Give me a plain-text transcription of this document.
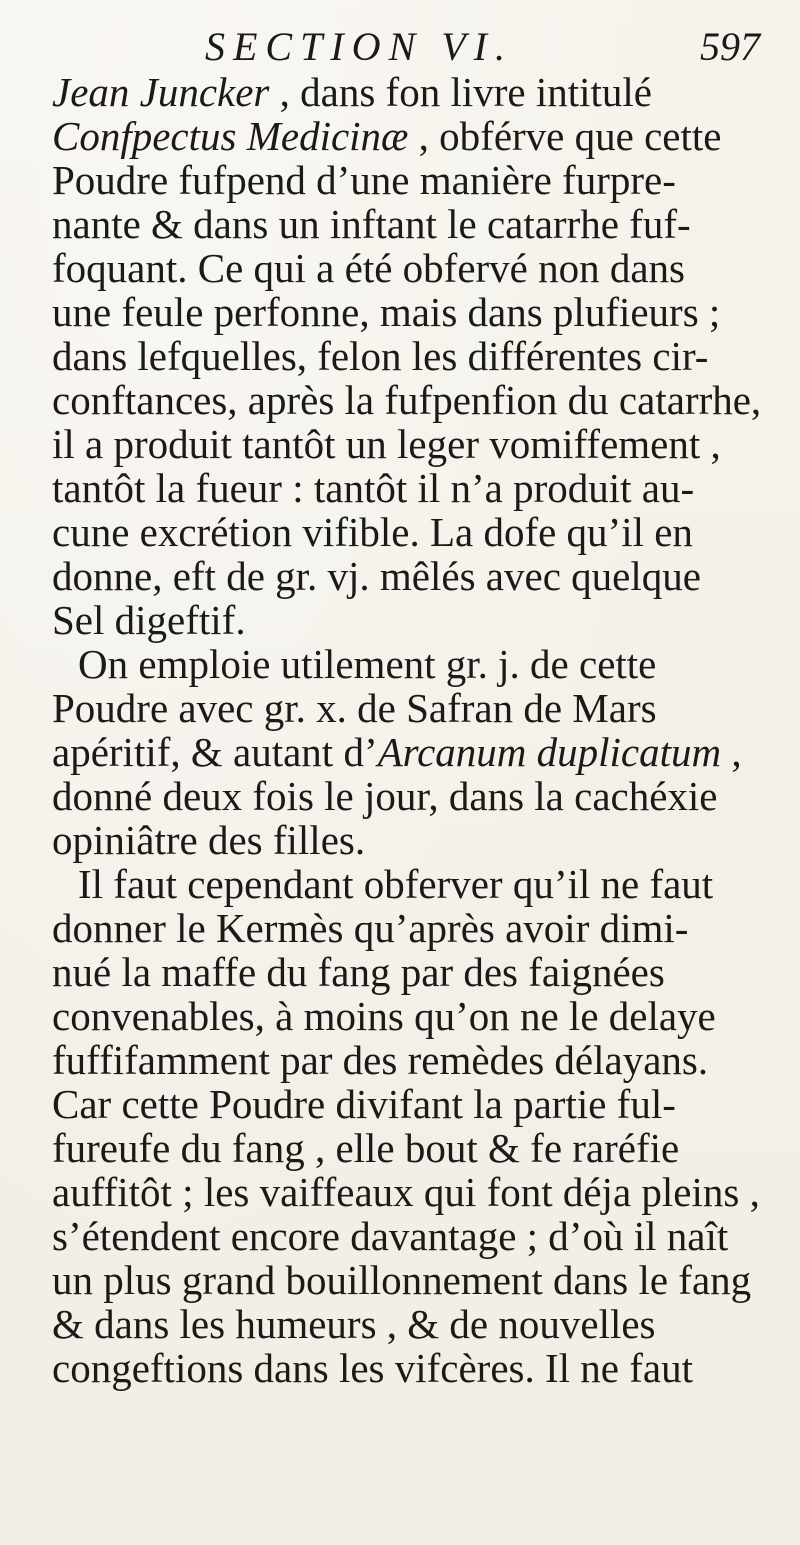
SECTION VI.	597
Jean Juncker , dans fon livre intitulé
Confpectus Medicinæ , obférve que cette
Poudre fufpend d’une manière furpre-
nante & dans un inftant le catarrhe fuf-
foquant. Ce qui a été obfervé non dans
une feule perfonne, mais dans plufieurs ;
dans lefquelles, felon les différentes cir-
conftances, après la fufpenfion du catarrhe,
il a produit tantôt un leger vomiffement ,
tantôt la fueur : tantôt il n’a produit au-
cune excrétion vifible. La dofe qu’il en
donne, eft de gr. vj. mêlés avec quelque
Sel digeftif.
On emploie utilement gr. j. de cette
Poudre avec gr. x. de Safran de Mars
apéritif, & autant d’Arcanum duplicatum ,
donné deux fois le jour, dans la cachéxie
opiniâtre des filles.
Il faut cependant obferver qu’il ne faut
donner le Kermès qu’après avoir dimi-
nué la maffe du fang par des faignées
convenables, à moins qu’on ne le delaye
fuffifamment par des remèdes délayans.
Car cette Poudre divifant la partie ful-
fureufe du fang , elle bout & fe raréfie
auffitôt ; les vaiffeaux qui font déja pleins ,
s’étendent encore davantage ; d’où il naît
un plus grand bouillonnement dans le fang
& dans les humeurs , & de nouvelles
congeftions dans les vifcères. Il ne faut
